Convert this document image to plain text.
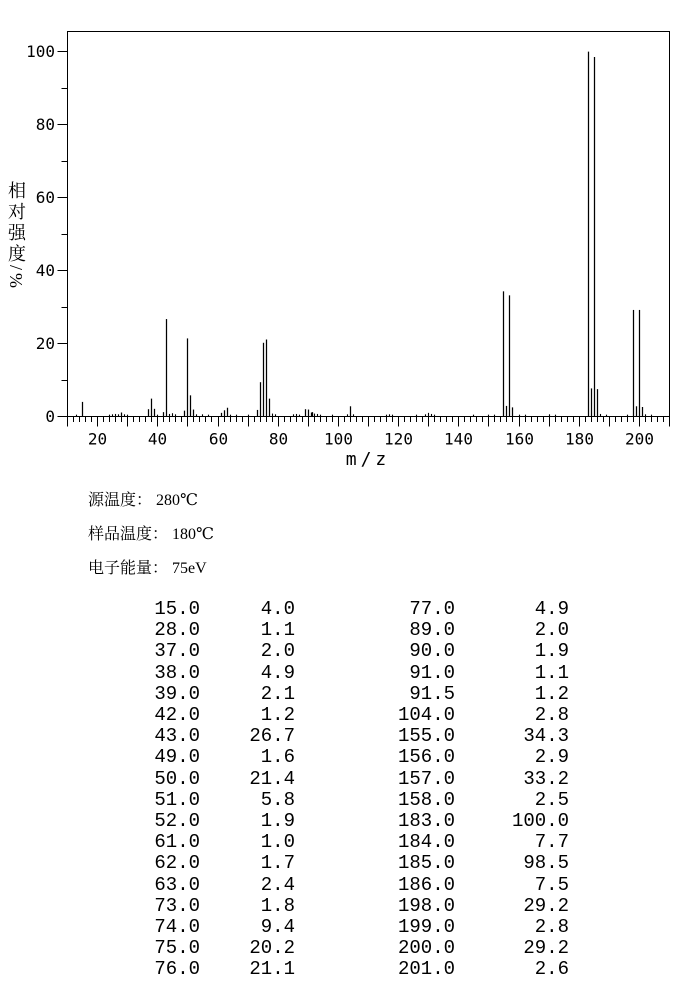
0
20
40
60
80
100
20	40	60	80 100 120 140 160 180 200
相对强度/%
m/z
源温度： 280℃
样品温度： 180℃
电子能量： 75eV
15.0	4.0	77.0	4.9
28.0	1.1	89.0	2.0
37.0	2.0	90.0	1.9
38.0	4.9	91.0	1.1
39.0	2.1	91.5	1.2
42.0	1.2	104.0	2.8
43.0	26.7	155.0	34.3
49.0	1.6	156.0	2.9
50.0	21.4	157.0	33.2
51.0	5.8	158.0	2.5
52.0	1.9	183.0	100.0
61.0	1.0	184.0	7.7
62.0	1.7	185.0	98.5
63.0	2.4	186.0	7.5
73.0	1.8	198.0	29.2
74.0	9.4	199.0	2.8
75.0	20.2	200.0	29.2
76.0	21.1	201.0	2.6
